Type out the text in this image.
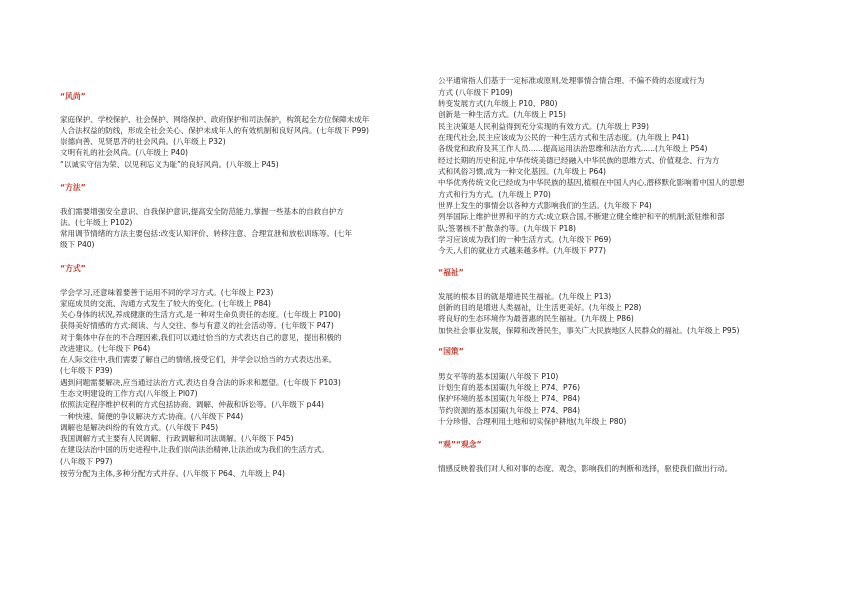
“风尚”
家庭保护、学校保护、社会保护、网络保护、政府保护和司法保护，构筑起全方位保障未成年
人合法权益的防线，形成全社会关心、保护未成年人的有效机制和良好风尚。(七年级下 P99)
崇德向善、见贤思齐的社会风尚。(八年级上 P32)
文明有礼的社会风尚。(八年级上 P40)
“以诚实守信为荣、以见利忘义为耻”的良好风尚。(八年级上 P45)
“方法”
我们需要增强安全意识、自我保护意识,提高安全防范能力,掌握一些基本的自救自护方
法。(七年级上 P102)
常用调节情绪的方法主要包括:改变认知评价、转移注意、合理宣泄和放松训练等。(七年
级下 P40)
“方式”
学会学习,还意味着要善于运用不同的学习方式。(七年级上 P23)
家庭成员的交流、沟通方式发生了较大的变化。(七年级上 P84)
关心身体的状况,养成健康的生活方式,是一种对生命负责任的态度。(七年级上 P100)
获得美好情感的方式:阅读、与人交往、参与有意义的社会活动等。(七年级下 P47)
对于集体中存在的不合理因素,我们可以通过恰当的方式表达自己的意见，提出积极的
改进建议。(七年级下 P64)
在人际交往中,我们需要了解自己的情绪,接受它们，并学会以恰当的方式表达出来。
(七年级下 P39)
遇到问题需要解决,应当通过法治方式,表达自身合法的诉求和愿望。(七年级下 P103)
生态文明建设的工作方式(八年级上 Pl07)
依照法定程序维护权利的方式包括协商、调解、仲裁和诉讼等。(八年级下 p44)
一种快速、简便的争议解决方式:协商。(八年级下 P44)
调解也是解决纠纷的有效方式。(八年级下 P45)
我国调解方式主要有人民调解、行政调解和司法调解。(八年级下 P45)
在建设法治中国的历史进程中,让我们崇尚法治精神,让法治成为我们的生活方式。
(八年级下 P97)
按劳分配为主体,多种分配方式并存。(八年级下 P64、九年级上 P4)
公平通常指人们基于一定标准或原则,处理事情合情合理、不偏不倚的态度或行为
方式 (八年级下 P109)
转变发展方式(九年级上 P10、P80)
创新是一种生活方式。(九年级上 P15)
民主决策是人民利益得到充分实现的有效方式。(九年级上 P39)
在现代社会,民主应该成为公民的一种生活方式和生活态度。(九年级上 P41)
各级党和政府及其工作人员......提高运用法治思维和法治方式......(九年级上 P54)
经过长期的历史积淀,中华传统美德已经融入中华民族的思维方式、价值观念、行为方
式和风俗习惯,成为一种文化基因。(九年级上 P64)
中华优秀传统文化已经成为中华民族的基因,植根在中国人内心,潜移默化影响着中国人的思想
方式和行为方式。(九年级上 P70)
世界上发生的事情会以各种方式影响我们的生活。(九年级下 P4)
列举国际上维护世界和平的方式:成立联合国,不断建立健全维护和平的机制;派驻维和部
队;签署核不扩散条约等。(九年级下 P18)
学习应该成为我们的一种生活方式。(九年级下 P69)
今天,人们的就业方式越来越多样。(九年级下 P77)
“福祉”
发展的根本目的就是增进民生福祉。(九年级上 P13)
创新的目的是增进人类福祉，让生活更美好。(九年级上 P28)
将良好的生态环境作为最普惠的民生福祉。(九年级上 P86)
加快社会事业发展，保障和改善民生，事关广大民族地区人民群众的福祉。(九年级上 P95)
“国策”
男女平等的基本国策(八年级下 P10)
计划生育的基本国策(九年级上 P74、P76)
保护环境的基本国策(九年级上 P74、P84)
节约资源的基本国策(九年级上 P74、P84)
十分珍惜、合理利用土地和切实保护耕地(九年级上 P80)
“观”“观念”
情感反映着我们对人和对事的态度、观念，影响我们的判断和选择，驱使我们做出行动。
